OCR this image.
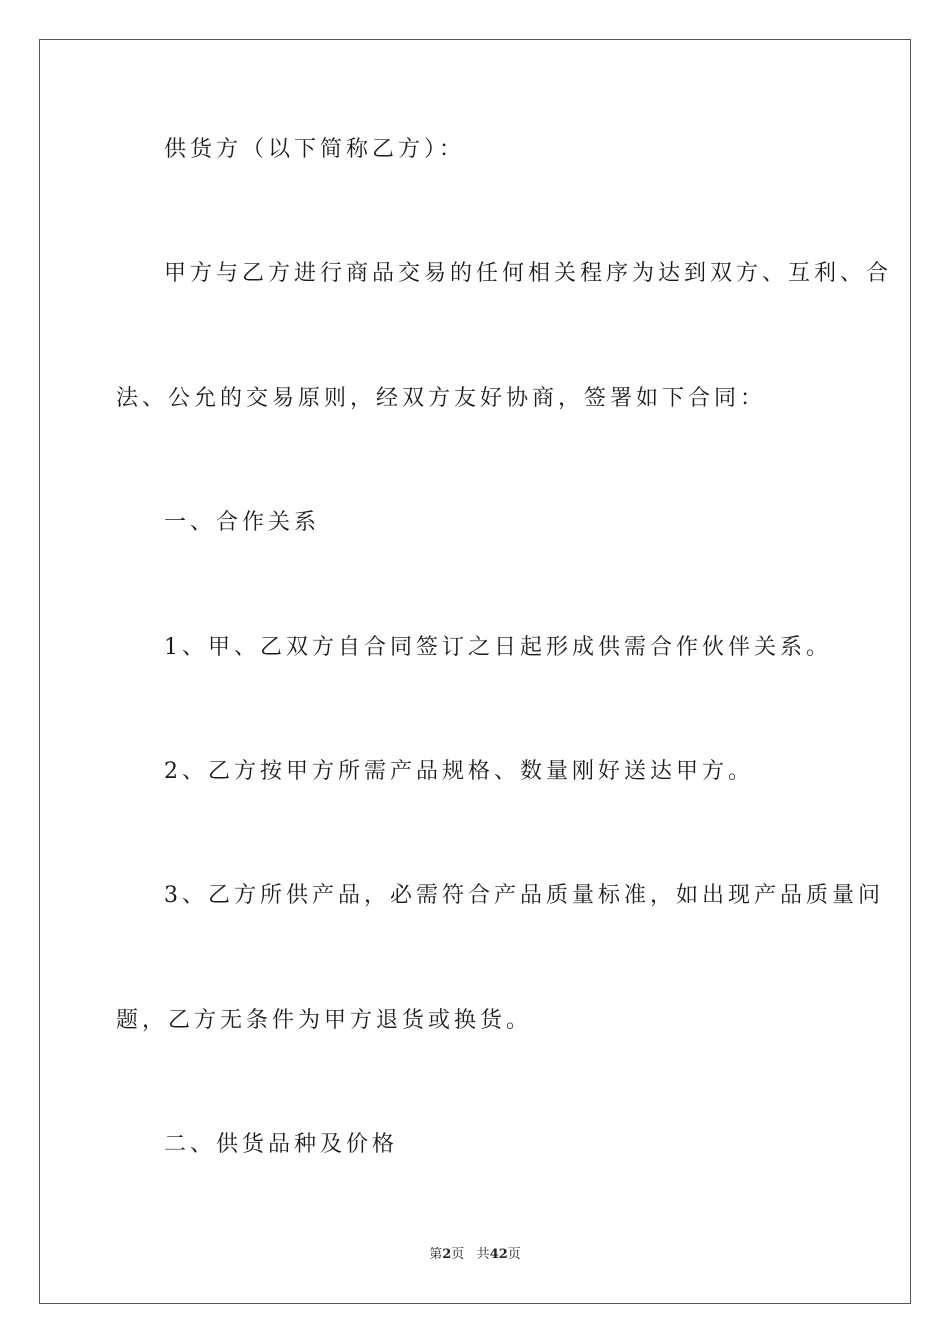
供货方（以下简称乙方）：
甲方与乙方进行商品交易的任何相关程序为达到双方、互利、合
法、公允的交易原则，经双方友好协商，签署如下合同：
一、合作关系
1、甲、乙双方自合同签订之日起形成供需合作伙伴关系。
2、乙方按甲方所需产品规格、数量刚好送达甲方。
3、乙方所供产品，必需符合产品质量标准，如出现产品质量问
题，乙方无条件为甲方退货或换货。
二、供货品种及价格
第2页 共42页
